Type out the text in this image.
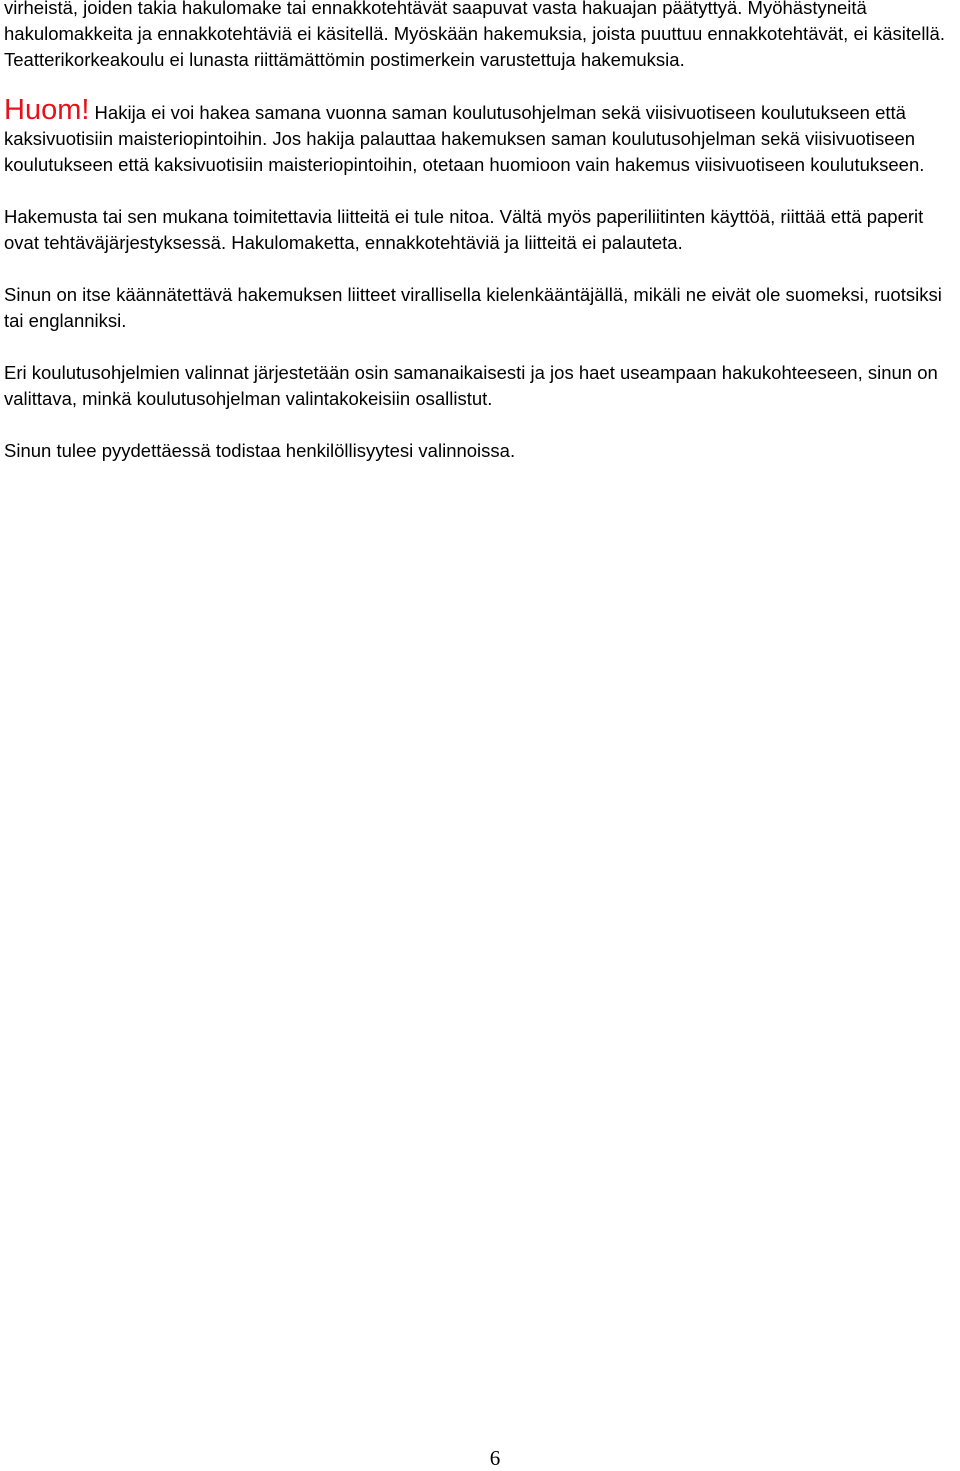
virheistä, joiden takia hakulomake tai ennakkotehtävät saapuvat vasta hakuajan päätyttyä. Myöhästyneitä hakulomakkeita ja ennakkotehtäviä ei käsitellä. Myöskään hakemuksia, joista puuttuu ennakkotehtävät, ei käsitellä. Teatterikorkeakoulu ei lunasta riittämättömin postimerkein varustettuja hakemuksia.

Huom! Hakija ei voi hakea samana vuonna saman koulutusohjelman sekä viisivuotiseen koulutukseen että kaksivuotisiin maisteriopintoihin. Jos hakija palauttaa hakemuksen saman koulutusohjelman sekä viisivuotiseen koulutukseen että kaksivuotisiin maisteriopintoihin, otetaan huomioon vain hakemus viisivuotiseen koulutukseen.

Hakemusta tai sen mukana toimitettavia liitteitä ei tule nitoa. Vältä myös paperiliitinten käyttöä, riittää että paperit ovat tehtäväjärjestyksessä. Hakulomaketta, ennakkotehtäviä ja liitteitä ei palauteta.

Sinun on itse käännätettävä hakemuksen liitteet virallisella kielenkääntäjällä, mikäli ne eivät ole suomeksi, ruotsiksi tai englanniksi.

Eri koulutusohjelmien valinnat järjestetään osin samanaikaisesti ja jos haet useampaan hakukohteeseen, sinun on valittava, minkä koulutusohjelman valintakokeisiin osallistut.

Sinun tulee pyydettäessä todistaa henkilöllisyytesi valinnoissa.

6
